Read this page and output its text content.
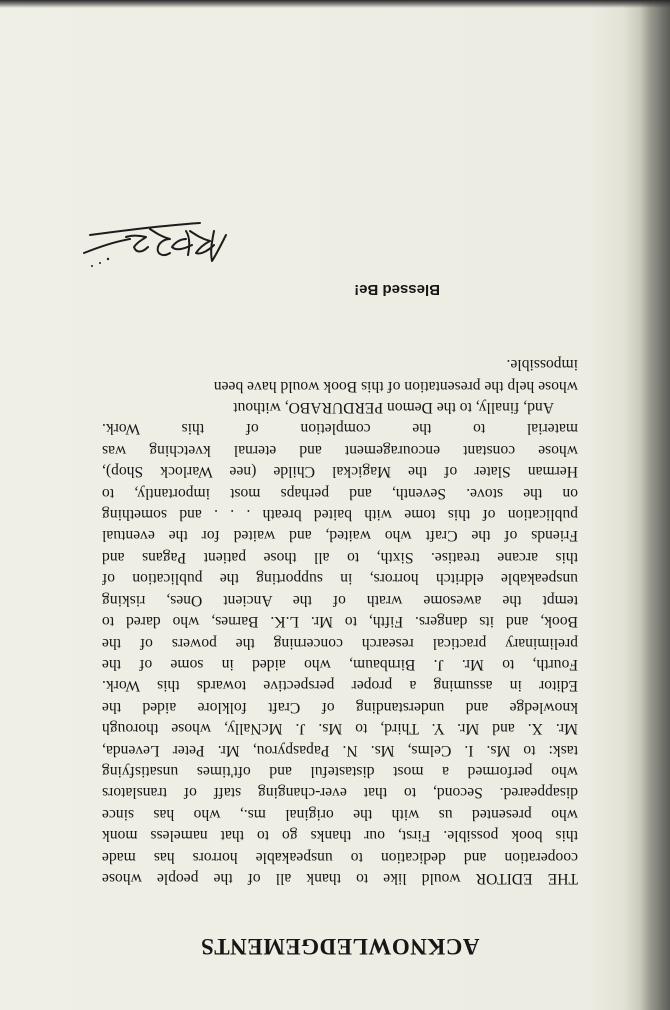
ACKNOWLEDGEMENTS
THE EDITOR would like to thank all of the people whose
cooperation and dedication to unspeakable horrors has made
this book possible. First, our thanks go to that nameless monk
who presented us with the original ms., who has since
disappeared. Second, to that ever-changing staff of translators
who performed a most distasteful and oft'times unsatisfying
task: to Ms. I. Celms, Ms. N. Papaspyrou, Mr. Peter Levenda,
Mr. X. and Mr. Y. Third, to Ms. J. McNally, whose thorough
knowledge and understanding of Craft folklore aided the
Editor in assuming a proper perspective towards this Work.
Fourth, to Mr. J. Birnbaum, who aided in some of the
preliminary practical research concerning the powers of the
Book, and its dangers. Fifth, to Mr. L.K. Barnes, who dared to
tempt the awesome wrath of the Ancient Ones, risking
unspeakable eldritch horrors, in supporting the publication of
this arcane treatise. Sixth, to all those patient Pagans and
Friends of the Craft who waited, and waited for the eventual
publication of this tome with baited breath . . . and something
on the stove. Seventh, and perhaps most importantly, to
Herman Slater of the Magickal Childe (nee Warlock Shop),
whose constant encouragement and eternal kvetching was
material to the completion of this Work.
And, finally, to the Demon PERDURABO, without
whose help the presentation of this Book would have been
impossible.
Blessed Be!
